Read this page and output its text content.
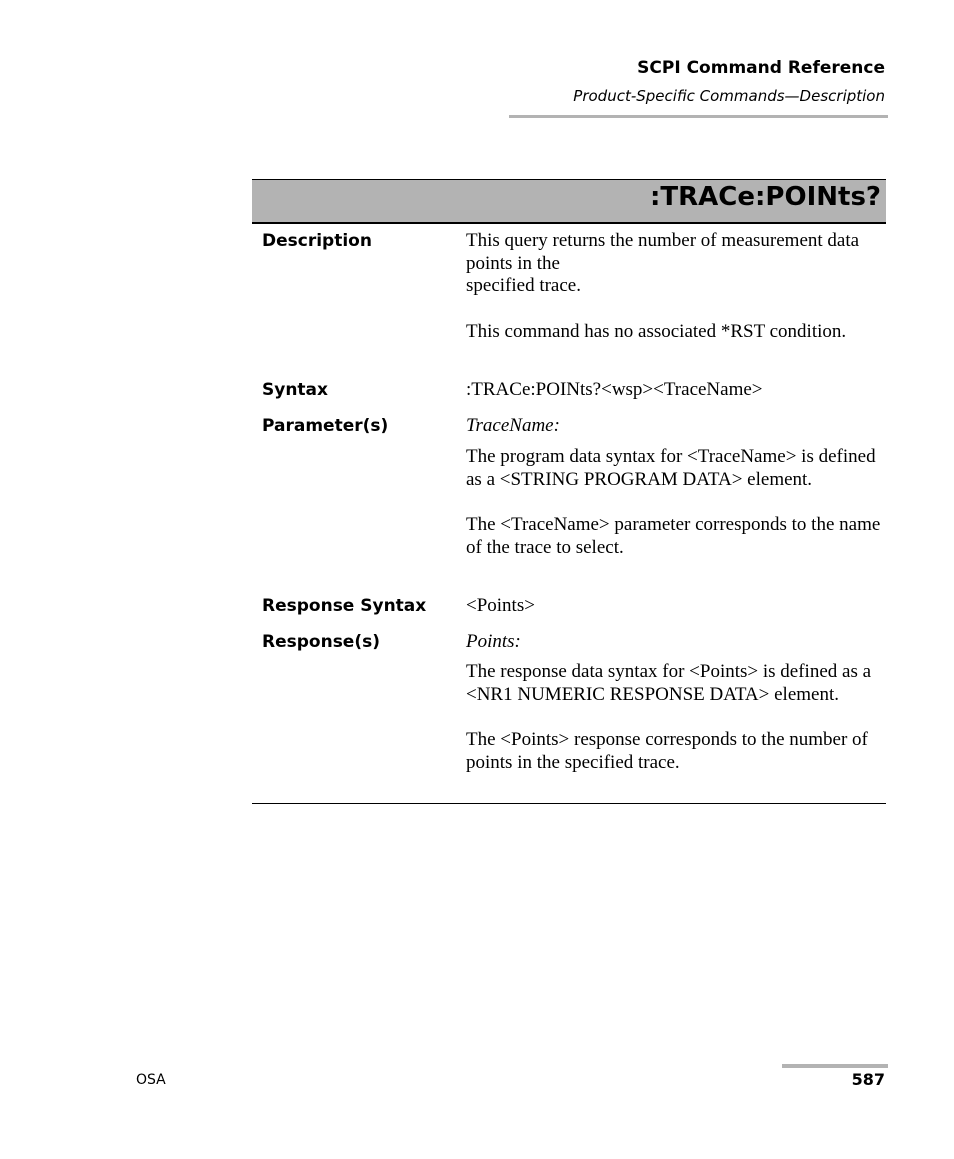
SCPI Command Reference
Product-Specific Commands—Description
:TRACe:POINts?
Description	This query returns the number of measurement data points in the

specified trace.

This command has no associated *RST condition.

Syntax	:TRACe:POINts?<wsp><TraceName>
Parameter(s)	TraceName:

The program data syntax for <TraceName> is defined as a <STRING PROGRAM DATA> element.

The <TraceName> parameter corresponds to the name of the trace to select.

Response Syntax <Points>
Response(s)	Points:

The response data syntax for <Points> is defined as a <NR1 NUMERIC RESPONSE DATA> element.

The <Points> response corresponds to the number of points in the specified trace.

OSA	587
